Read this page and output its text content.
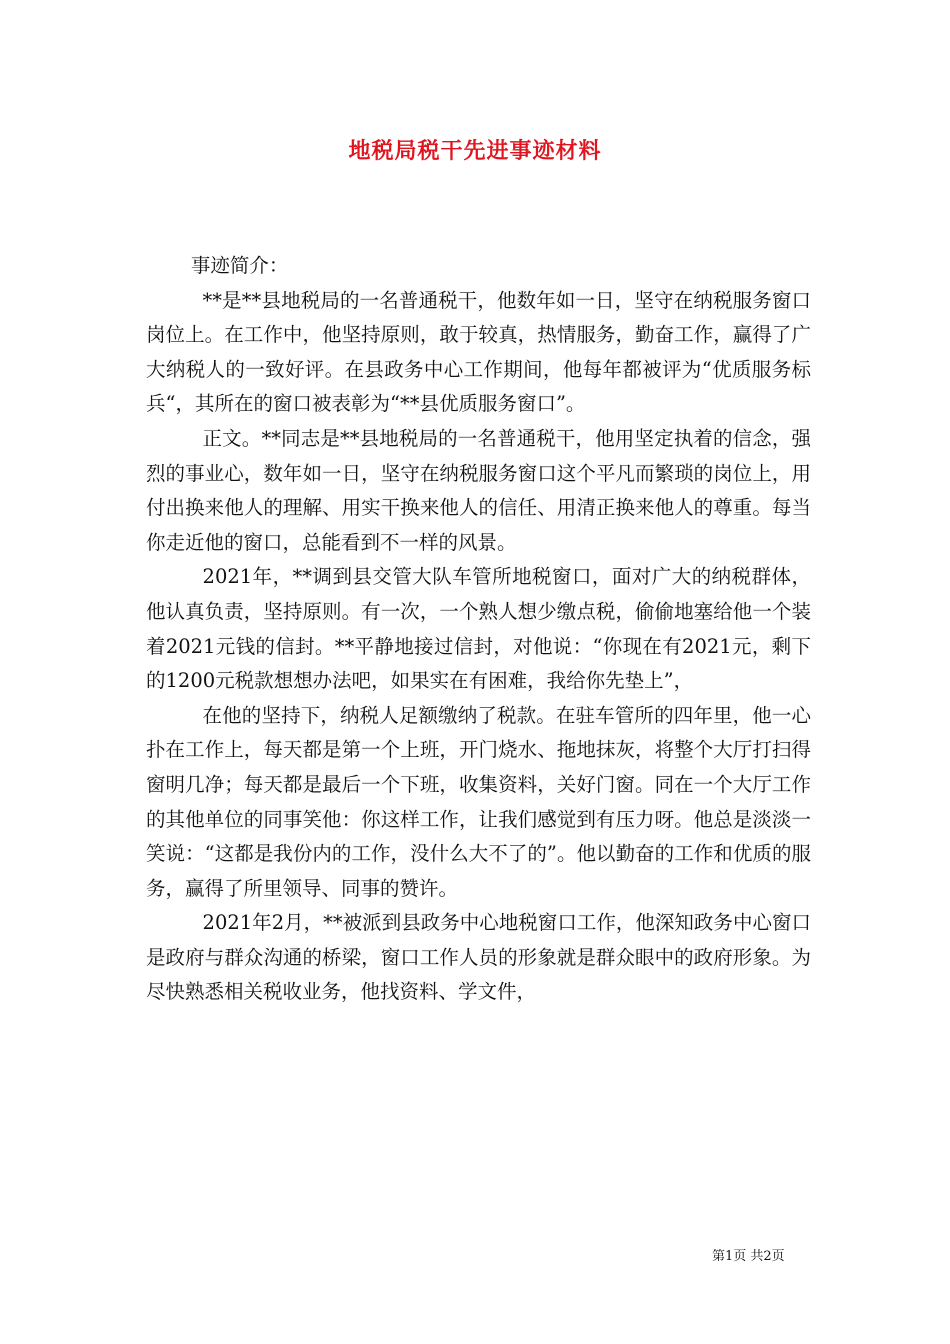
地税局税干先进事迹材料

事迹简介：

**是**县地税局的一名普通税干，他数年如一日，坚守在纳税服务窗口岗位上。在工作中，他坚持原则，敢于较真，热情服务，勤奋工作，赢得了广大纳税人的一致好评。在县政务中心工作期间，他每年都被评为“优质服务标兵“，其所在的窗口被表彰为“**县优质服务窗口”。

正文。**同志是**县地税局的一名普通税干，他用坚定执着的信念，强烈的事业心，数年如一日，坚守在纳税服务窗口这个平凡而繁琐的岗位上，用付出换来他人的理解、用实干换来他人的信任、用清正换来他人的尊重。每当你走近他的窗口，总能看到不一样的风景。

2021年，**调到县交管大队车管所地税窗口，面对广大的纳税群体，他认真负责，坚持原则。有一次，一个熟人想少缴点税，偷偷地塞给他一个装着2021元钱的信封。**平静地接过信封，对他说：“你现在有2021元，剩下的1200元税款想想办法吧，如果实在有困难，我给你先垫上”，

在他的坚持下，纳税人足额缴纳了税款。在驻车管所的四年里，他一心扑在工作上，每天都是第一个上班，开门烧水、拖地抹灰，将整个大厅打扫得窗明几净；每天都是最后一个下班，收集资料，关好门窗。同在一个大厅工作的其他单位的同事笑他：你这样工作，让我们感觉到有压力呀。他总是淡淡一笑说：“这都是我份内的工作，没什么大不了的”。他以勤奋的工作和优质的服务，赢得了所里领导、同事的赞许。

2021年2月，**被派到县政务中心地税窗口工作，他深知政务中心窗口是政府与群众沟通的桥梁，窗口工作人员的形象就是群众眼中的政府形象。为尽快熟悉相关税收业务，他找资料、学文件，

第1页 共2页
